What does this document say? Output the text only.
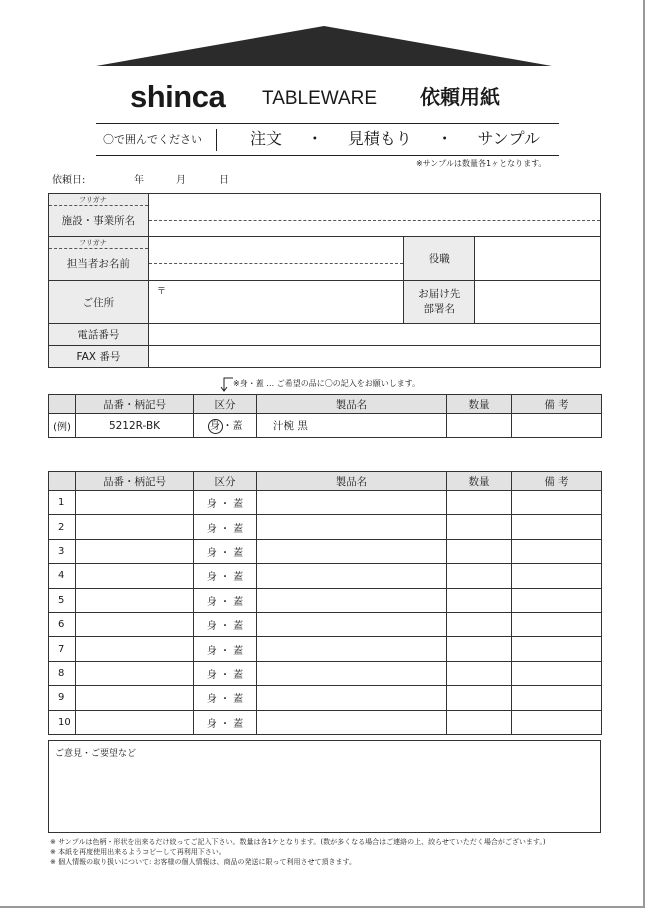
shinca TABLEWARE 依頼用紙
〇で囲んでください	注文 ・ 見積もり ・ サンプル
※サンプルは数量各1ヶとなります。
依頼日:	年	月	日
フリガナ
施設・事業所名			

フリガナ
担当者お名前		役職	
ご住所	〒	お届け先
部署名	

電話番号			
FAX 番号			
※身・蓋 … ご希望の品に〇の記入をお願いします。
	品番・柄記号	区分	製品名	数量	備 考
(例)	5212R-BK	身 ・蓋	汁椀 黒		
	品番・柄記号	区分	製品名	数量	備 考
1		身 ・ 蓋			
2		身 ・ 蓋			
3		身 ・ 蓋			
4		身 ・ 蓋			
5		身 ・ 蓋			
6		身 ・ 蓋			
7		身 ・ 蓋			
8		身 ・ 蓋			
9		身 ・ 蓋			
10		身 ・ 蓋			
ご意見・ご要望など
※ サンプルは色柄・形状を出来るだけ絞ってご記入下さい。数量は各1ケとなります。(数が多くなる場合はご連絡の上、絞らせていただく場合がございます。)
※ 本紙を再度使用出来るようコピーして再利用下さい。
※ 個人情報の取り扱いについて: お客様の個人情報は、商品の発送に限って利用させて頂きます。
